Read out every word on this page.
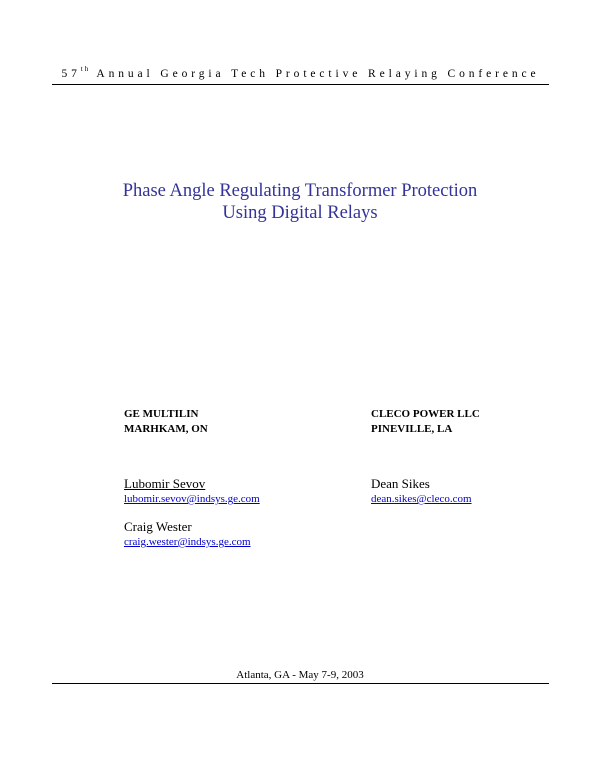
57th Annual Georgia Tech Protective Relaying Conference
Phase Angle Regulating Transformer Protection
Using Digital Relays
GE MULTILIN
MARHKAM, ON
CLECO POWER LLC
PINEVILLE, LA
Lubomir Sevov
lubomir.sevov@indsys.ge.com
Dean Sikes
dean.sikes@cleco.com
Craig Wester
craig.wester@indsys.ge.com
Atlanta, GA - May 7-9, 2003
